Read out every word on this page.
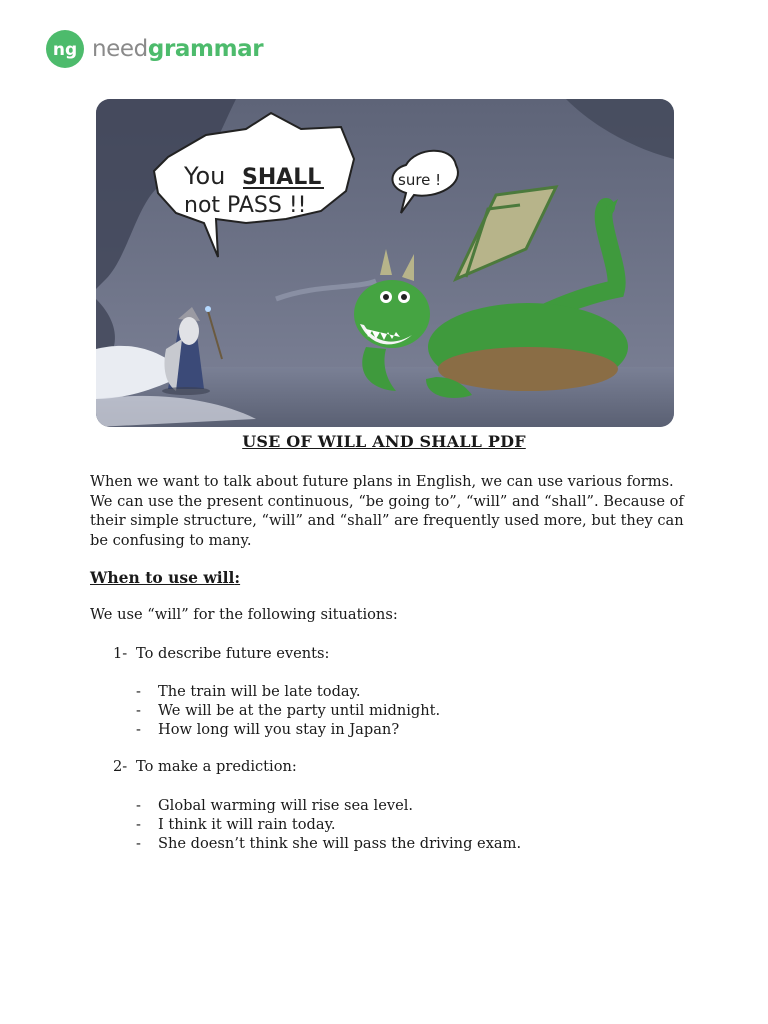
ng needgrammar
You SHALL
not PASS !!
sure !
USE OF WILL AND SHALL PDF
When we want to talk about future plans in English, we can use various forms.
We can use the present continuous, “be going to”, “will” and “shall”. Because of
their simple structure, “will” and “shall” are frequently used more, but they can
be confusing to many.
When to use will:
We use “will” for the following situations:
1- To describe future events:
- The train will be late today.
- We will be at the party until midnight.
- How long will you stay in Japan?
2- To make a prediction:
- Global warming will rise sea level.
- I think it will rain today.
- She doesn’t think she will pass the driving exam.
